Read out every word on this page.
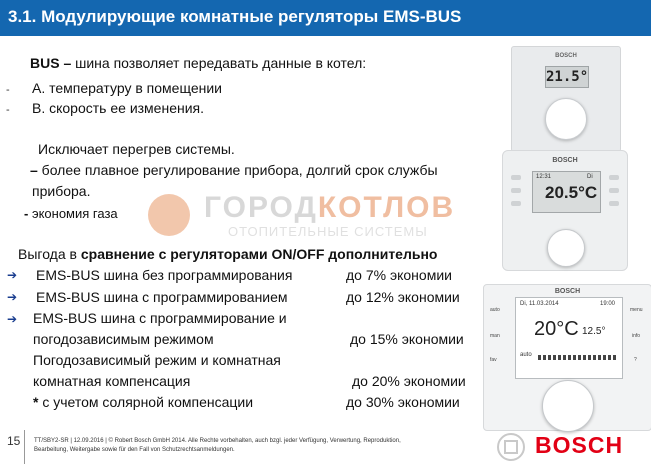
3.1. Модулирующие комнатные регуляторы EMS-BUS
BUS – шина позволяет передавать данные в котел:
- А. температуру в помещении
- В. скорость ее изменения.
Исключает перегрев системы.
– более плавное регулирование прибора, долгий срок службы
прибора.
- экономия газа	ГОРОДКОТЛОВ
ОТОПИТЕЛЬНЫЕ СИСТЕМЫ
Выгода в сравнение с регуляторами ON/OFF дополнительно
➔ EMS-BUS шина без программирования	до 7% экономии
➔ EMS-BUS шина с программированием	до 12% экономии
➔ EMS-BUS шина с программирование и
погодозависимым режимом	до 15% экономии
Погодозависимый режим и комнатная
комнатная компенсация	до 20% экономии
* с учетом солярной компенсации	до 30% экономии
BOSCH
21.5°
BOSCH
12:31	Di
20.5°C
BOSCH
auto
man
fav
menu
info
?
Di, 11.03.2014	19:00
20°C 12.5°
auto
15 TT/SBY2-SR | 12.09.2016 | © Robert Bosch GmbH 2014. Alle Rechte vorbehalten, auch bzgl. jeder Verfügung, Verwertung, Reproduktion,
Bearbeitung, Weitergabe sowie für den Fall von Schutzrechtsanmeldungen.	BOSCH
